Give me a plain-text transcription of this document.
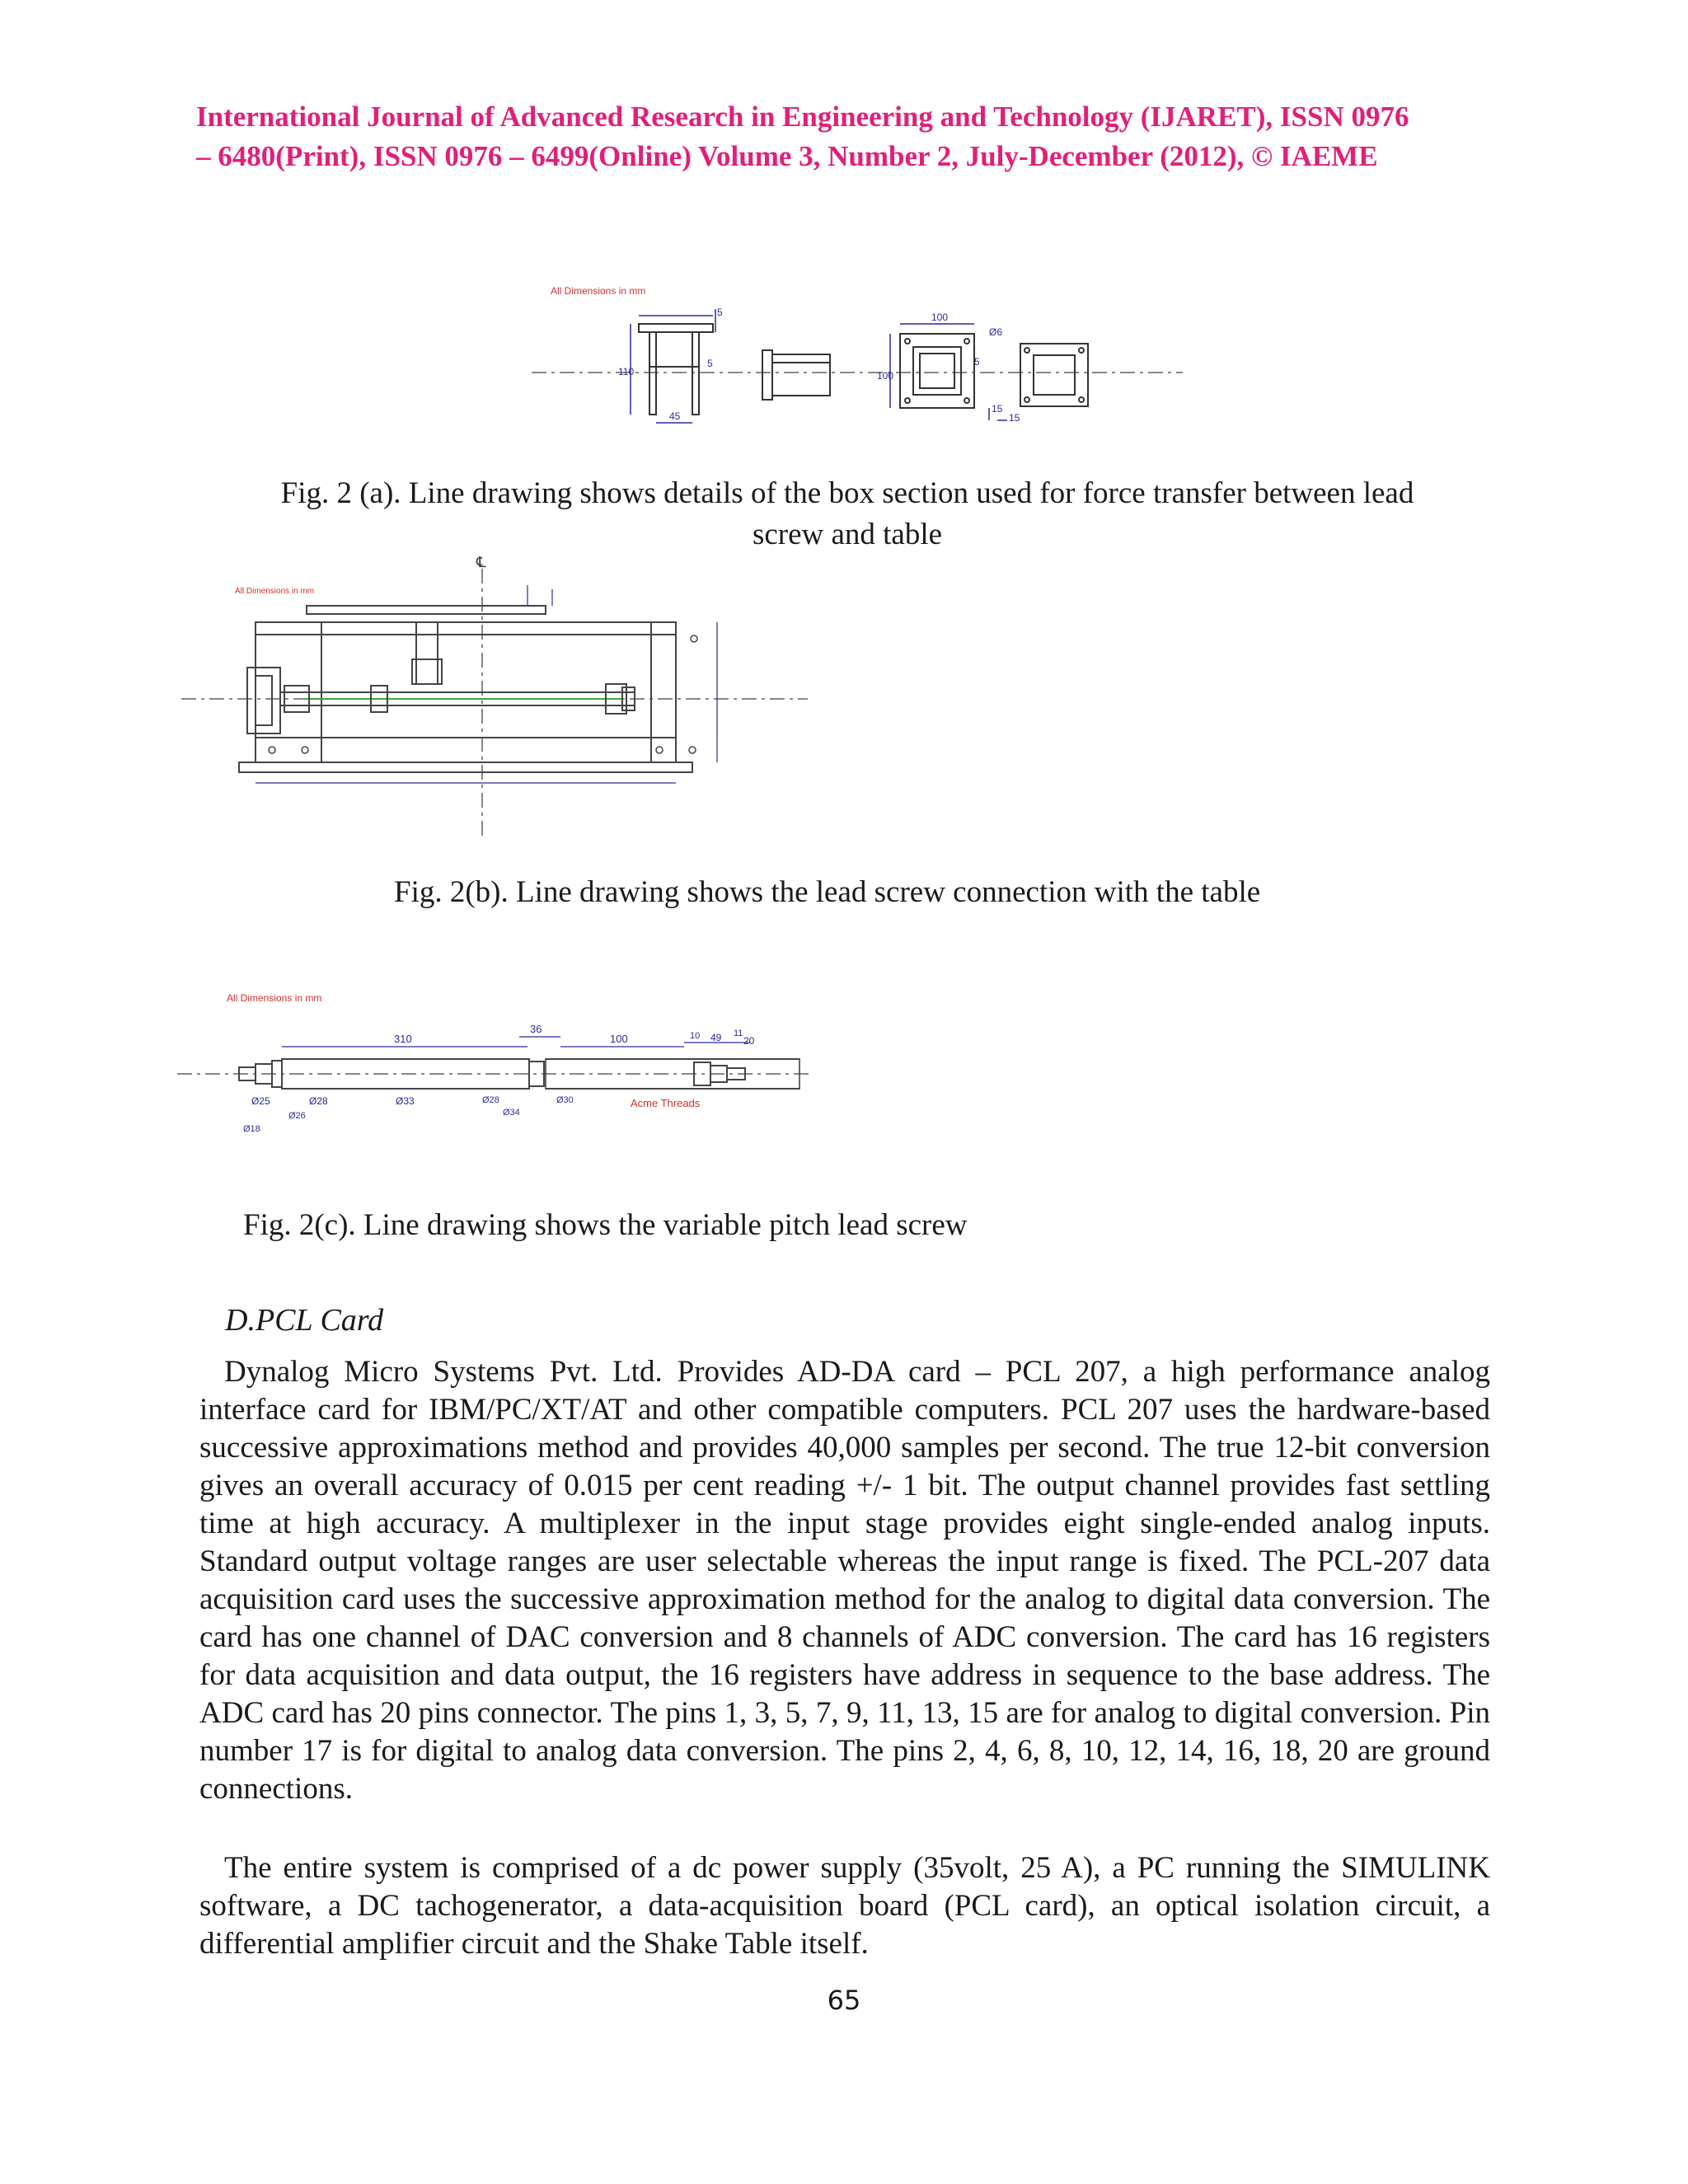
International Journal of Advanced Research in Engineering and Technology (IJARET), ISSN 0976
– 6480(Print), ISSN 0976 – 6499(Online) Volume 3, Number 2, July-December (2012), © IAEME
All Dimensions in mm
5
110
5
45
100
Ø6
100
5
15
15
Fig. 2 (a). Line drawing shows details of the box section used for force transfer between lead
screw and table
All Dimensions in mm
℄
Fig. 2(b). Line drawing shows the lead screw connection with the table
All Dimensions in mm
310
36
100	10 49 11
20
Ø25	Ø28	Ø33	Ø28	Ø30
Ø34
Ø26
Ø18
Acme Threads
Fig. 2(c). Line drawing shows the variable pitch lead screw
D.PCL Card

Dynalog Micro Systems Pvt. Ltd. Provides AD-DA card – PCL 207, a high performance analog interface card for IBM/PC/XT/AT and other compatible computers. PCL 207 uses the hardware-based successive approximations method and provides 40,000 samples per second. The true 12-bit conversion gives an overall accuracy of 0.015 per cent reading +/- 1 bit. The output channel provides fast settling time at high accuracy. A multiplexer in the input stage provides eight single-ended analog inputs. Standard output voltage ranges are user selectable whereas the input range is fixed. The PCL-207 data acquisition card uses the successive approximation method for the analog to digital data conversion. The card has one channel of DAC conversion and 8 channels of ADC conversion. The card has 16 registers for data acquisition and data output, the 16 registers have address in sequence to the base address. The ADC card has 20 pins connector. The pins 1, 3, 5, 7, 9, 11, 13, 15 are for analog to digital conversion. Pin number 17 is for digital to analog data conversion. The pins 2, 4, 6, 8, 10, 12, 14, 16, 18, 20 are ground connections.

The entire system is comprised of a dc power supply (35volt, 25 A), a PC running the SIMULINK software, a DC tachogenerator, a data-acquisition board (PCL card), an optical isolation circuit, a differential amplifier circuit and the Shake Table itself.

65
